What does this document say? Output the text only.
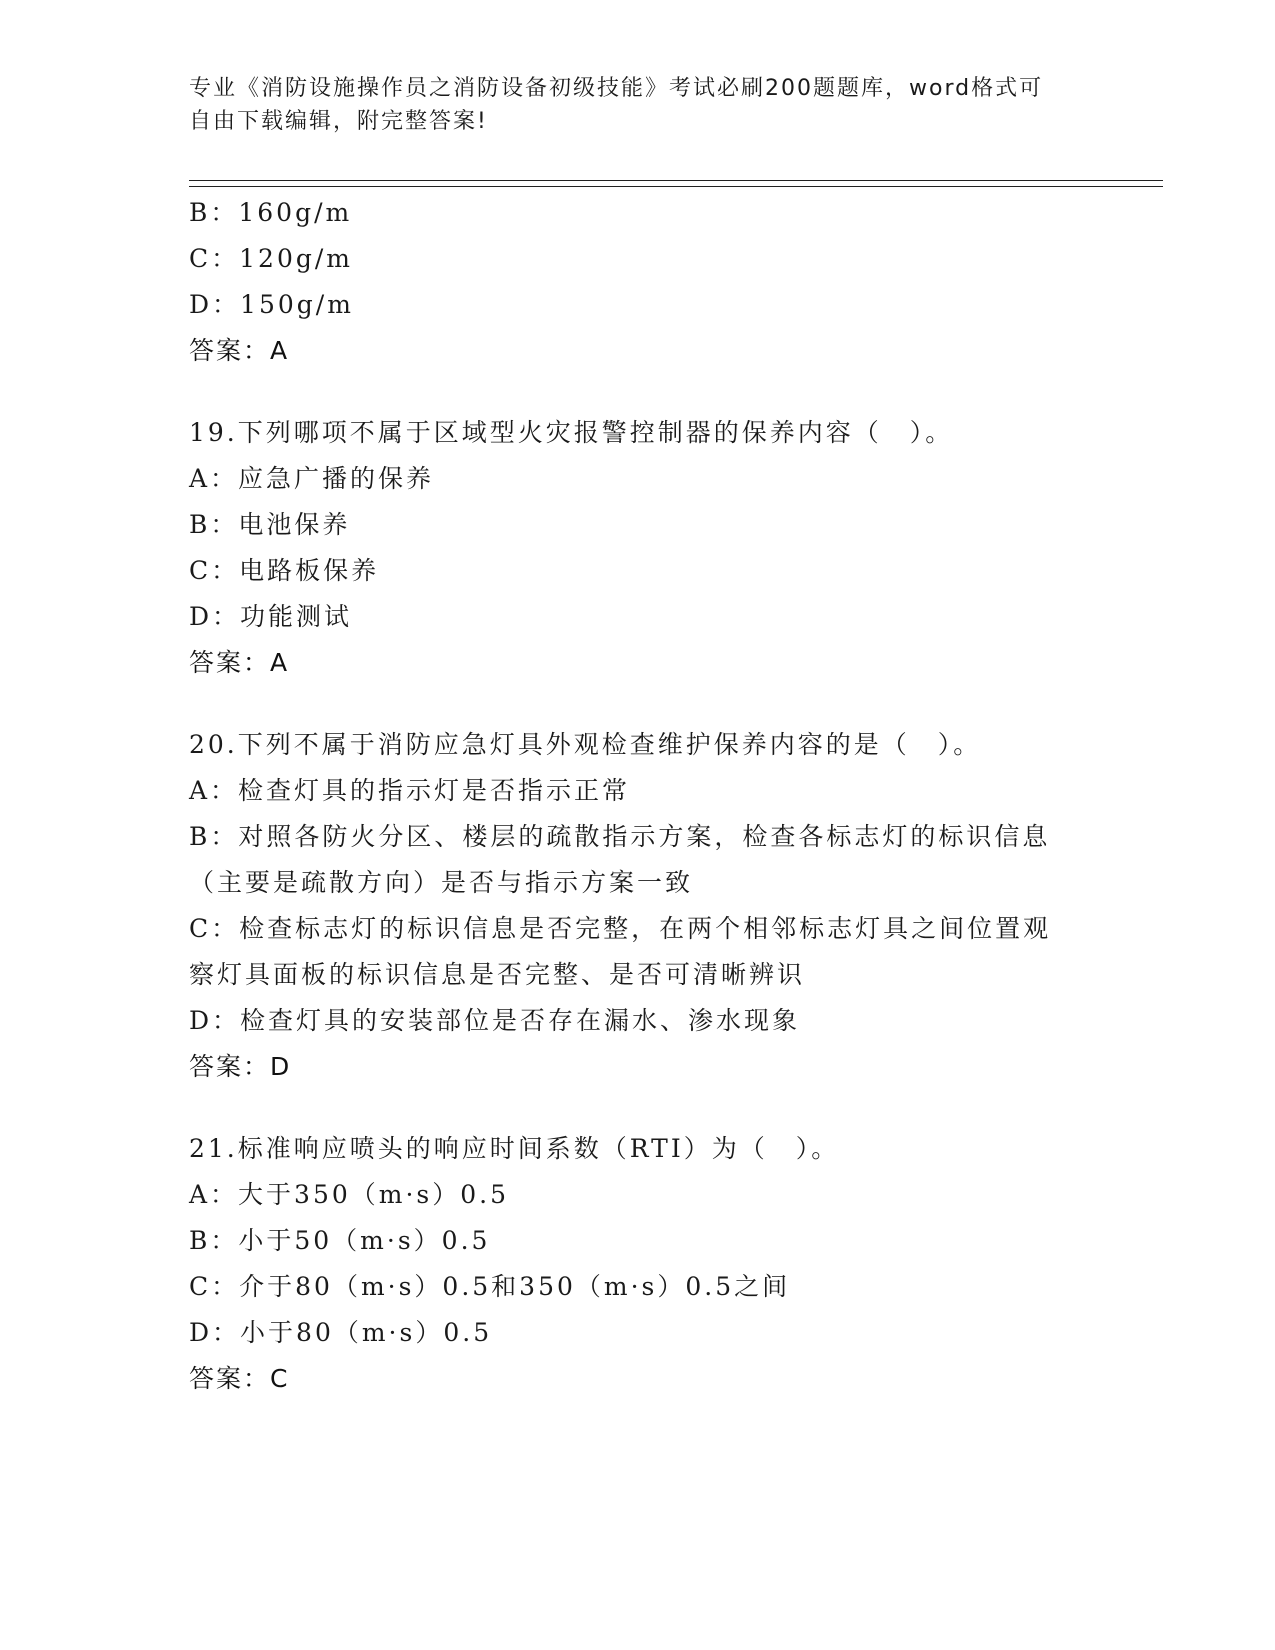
专业《消防设施操作员之消防设备初级技能》考试必刷200题题库，word格式可
自由下载编辑，附完整答案!
B：160g/m
C：120g/m
D：150g/m
答案：A
19.下列哪项不属于区域型火灾报警控制器的保养内容（　）。
A：应急广播的保养
B：电池保养
C：电路板保养
D：功能测试
答案：A
20.下列不属于消防应急灯具外观检查维护保养内容的是（　）。
A：检查灯具的指示灯是否指示正常
B：对照各防火分区、楼层的疏散指示方案，检查各标志灯的标识信息
（主要是疏散方向）是否与指示方案一致
C：检查标志灯的标识信息是否完整，在两个相邻标志灯具之间位置观
察灯具面板的标识信息是否完整、是否可清晰辨识
D：检查灯具的安装部位是否存在漏水、渗水现象
答案：D
21.标准响应喷头的响应时间系数（RTI）为（　）。
A：大于350（m·s）0.5
B：小于50（m·s）0.5
C：介于80（m·s）0.5和350（m·s）0.5之间
D：小于80（m·s）0.5
答案：C
